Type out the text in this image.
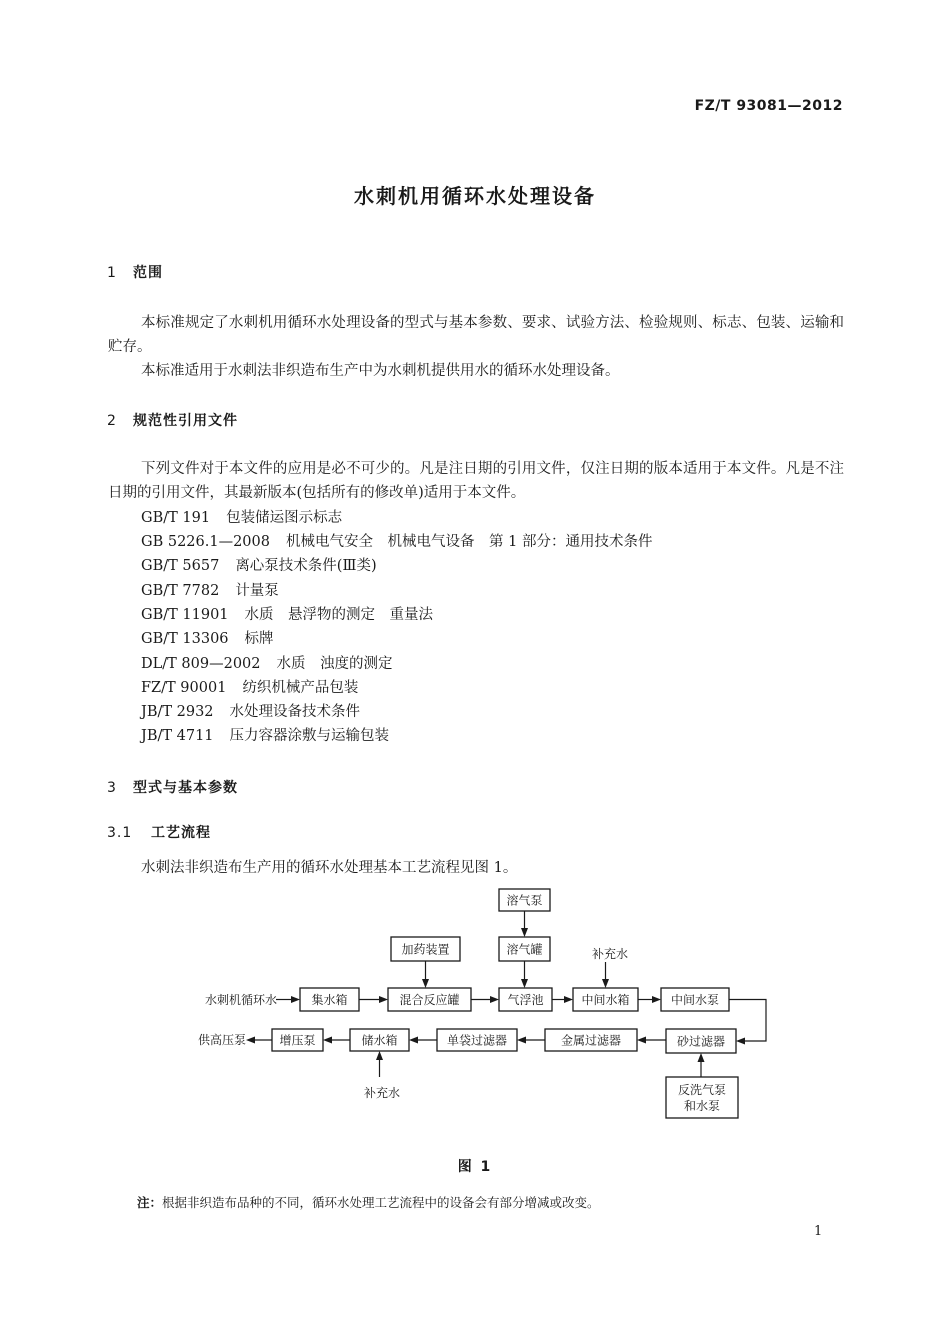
FZ/T 93081—2012
水刺机用循环水处理设备
1 范围
本标准规定了水刺机用循环水处理设备的型式与基本参数、要求、试验方法、检验规则、标志、包装、运输和贮存。
本标准适用于水刺法非织造布生产中为水刺机提供用水的循环水处理设备。
2 规范性引用文件
下列文件对于本文件的应用是必不可少的。凡是注日期的引用文件，仅注日期的版本适用于本文件。凡是不注日期的引用文件，其最新版本(包括所有的修改单)适用于本文件。
GB/T 191 包装储运图示标志
GB 5226.1—2008 机械电气安全　机械电气设备　第 1 部分：通用技术条件
GB/T 5657 离心泵技术条件(Ⅲ类)
GB/T 7782 计量泵
GB/T 11901 水质　悬浮物的测定　重量法
GB/T 13306 标牌
DL/T 809—2002 水质　浊度的测定
FZ/T 90001 纺织机械产品包装
JB/T 2932 水处理设备技术条件
JB/T 4711 压力容器涂敷与运输包装
3 型式与基本参数
3.1 工艺流程
水刺法非织造布生产用的循环水处理基本工艺流程见图 1。
溶气泵
加药装置	溶气罐
集水箱	混合反应罐	气浮池	中间水箱	中间水泵
砂过滤器
金属过滤器
单袋过滤器
储水箱
增压泵
反洗气泵
和水泵
水刺机循环水
供高压泵
补充水
补充水
图 1
注：根据非织造布品种的不同，循环水处理工艺流程中的设备会有部分增减或改变。
1
